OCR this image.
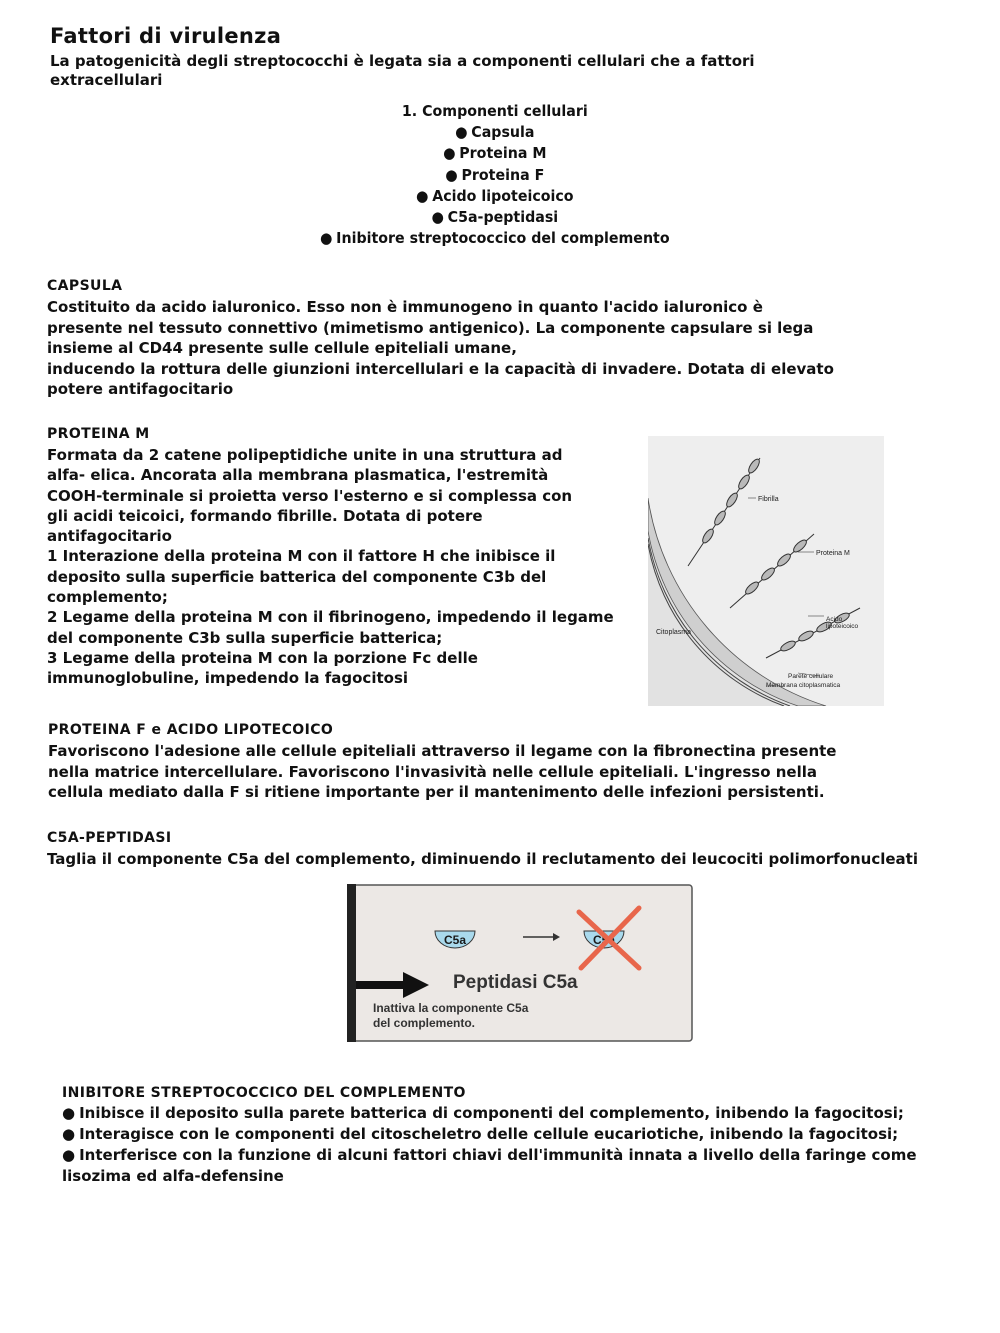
Fattori di virulenza
La patogenicità degli streptococchi è legata sia a componenti cellulari che a fattori
extracellulari
1. Componenti cellulari
● Capsula
● Proteina M
● Proteina F
● Acido lipoteicoico
● C5a-peptidasi
● Inibitore streptococcico del complemento
CAPSULA
Costituito da acido ialuronico. Esso non è immunogeno in quanto l'acido ialuronico è
presente nel tessuto connettivo (mimetismo antigenico). La componente capsulare si lega
insieme al CD44 presente sulle cellule epiteliali umane,
inducendo la rottura delle giunzioni intercellulari e la capacità di invadere. Dotata di elevato
potere antifagocitario
PROTEINA M
Formata da 2 catene polipeptidiche unite in una struttura ad
alfa- elica. Ancorata alla membrana plasmatica, l'estremità
COOH-terminale si proietta verso l'esterno e si complessa con
gli acidi teicoici, formando fibrille. Dotata di potere
antifagocitario
1 Interazione della proteina M con il fattore H che inibisce il
deposito sulla superficie batterica del componente C3b del
complemento;
2 Legame della proteina M con il fibrinogeno, impedendo il legame
del componente C3b sulla superficie batterica;
3 Legame della proteina M con la porzione Fc delle
immunoglobuline, impedendo la fagocitosi
Fibrilla
Proteina M
Acido
lipoteicoico
Citoplasma
Parete cellulare
Membrana citoplasmatica
PROTEINA F e ACIDO LIPOTECOICO
Favoriscono l'adesione alle cellule epiteliali attraverso il legame con la fibronectina presente
nella matrice intercellulare. Favoriscono l'invasività nelle cellule epiteliali. L'ingresso nella
cellula mediato dalla F si ritiene importante per il mantenimento delle infezioni persistenti.
C5A-PEPTIDASI
Taglia il componente C5a del complemento, diminuendo il reclutamento dei leucociti polimorfonucleati
C5a	C5a
Peptidasi C5a
Inattiva la componente C5a
del complemento.
INIBITORE STREPTOCOCCICO DEL COMPLEMENTO
● Inibisce il deposito sulla parete batterica di componenti del complemento, inibendo la fagocitosi;
● Interagisce con le componenti del citoscheletro delle cellule eucariotiche, inibendo la fagocitosi;
● Interferisce con la funzione di alcuni fattori chiavi dell'immunità innata a livello della faringe come
lisozima ed alfa-defensine
